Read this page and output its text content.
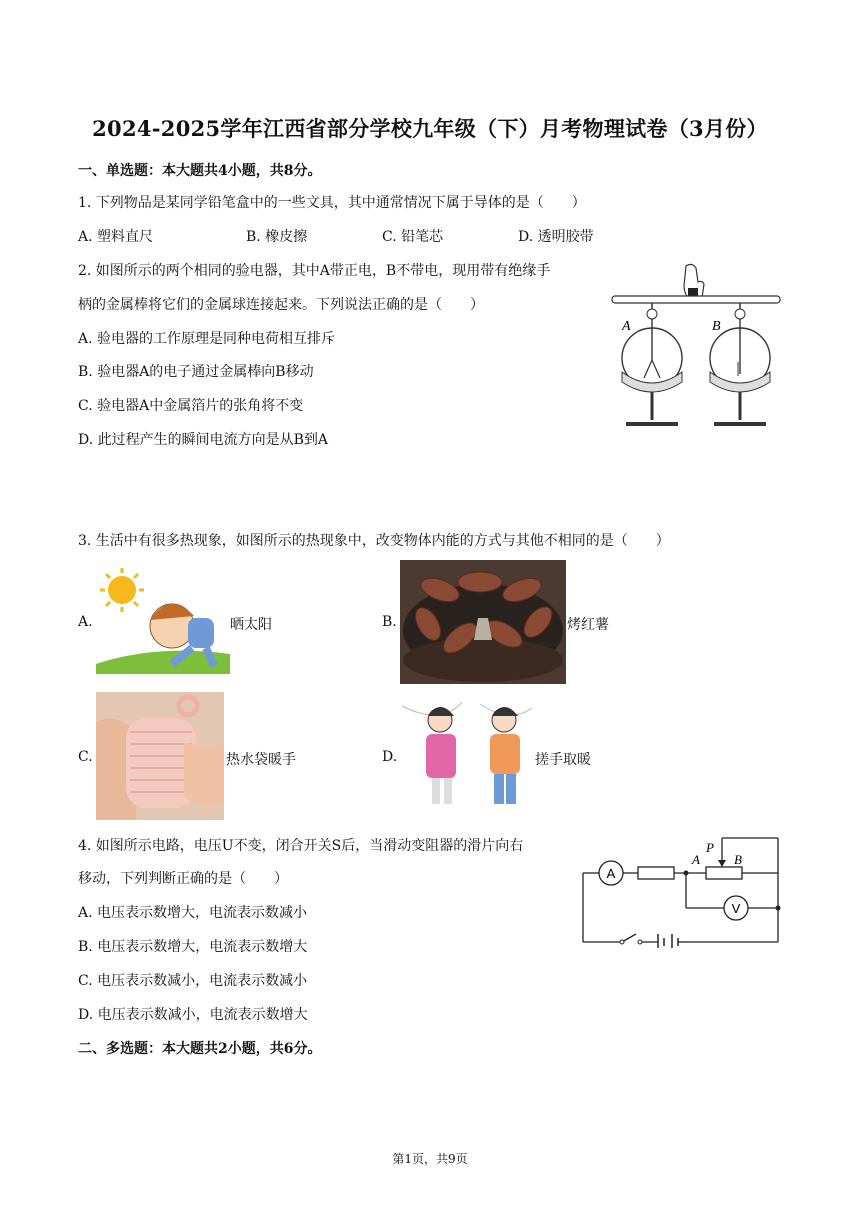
2024-2025学年江西省部分学校九年级（下）月考物理试卷（3月份）
一、单选题：本大题共4小题，共8分。
1. 下列物品是某同学铅笔盒中的一些文具，其中通常情况下属于导体的是（　　）
A. 塑料直尺	B. 橡皮擦	C. 铅笔芯	D. 透明胶带
2. 如图所示的两个相同的验电器，其中A带正电，B不带电，现用带有绝缘手
柄的金属棒将它们的金属球连接起来。下列说法正确的是（　　）
A. 验电器的工作原理是同种电荷相互排斥
B. 验电器A的电子通过金属棒向B移动
C. 验电器A中金属箔片的张角将不变
D. 此过程产生的瞬间电流方向是从B到A
A	B
3. 生活中有很多热现象，如图所示的热现象中，改变物体内能的方式与其他不相同的是（　　）
A.	晒太阳	B.	烤红薯
C.	热水袋暖手	D.	搓手取暖
4. 如图所示电路，电压U不变，闭合开关S后，当滑动变阻器的滑片向右
移动，下列判断正确的是（　　）
A. 电压表示数增大，电流表示数减小
B. 电压表示数增大，电流表示数增大
C. 电压表示数减小，电流表示数减小
D. 电压表示数减小，电流表示数增大
A
V
P
A	B
二、多选题：本大题共2小题，共6分。
第1页，共9页
